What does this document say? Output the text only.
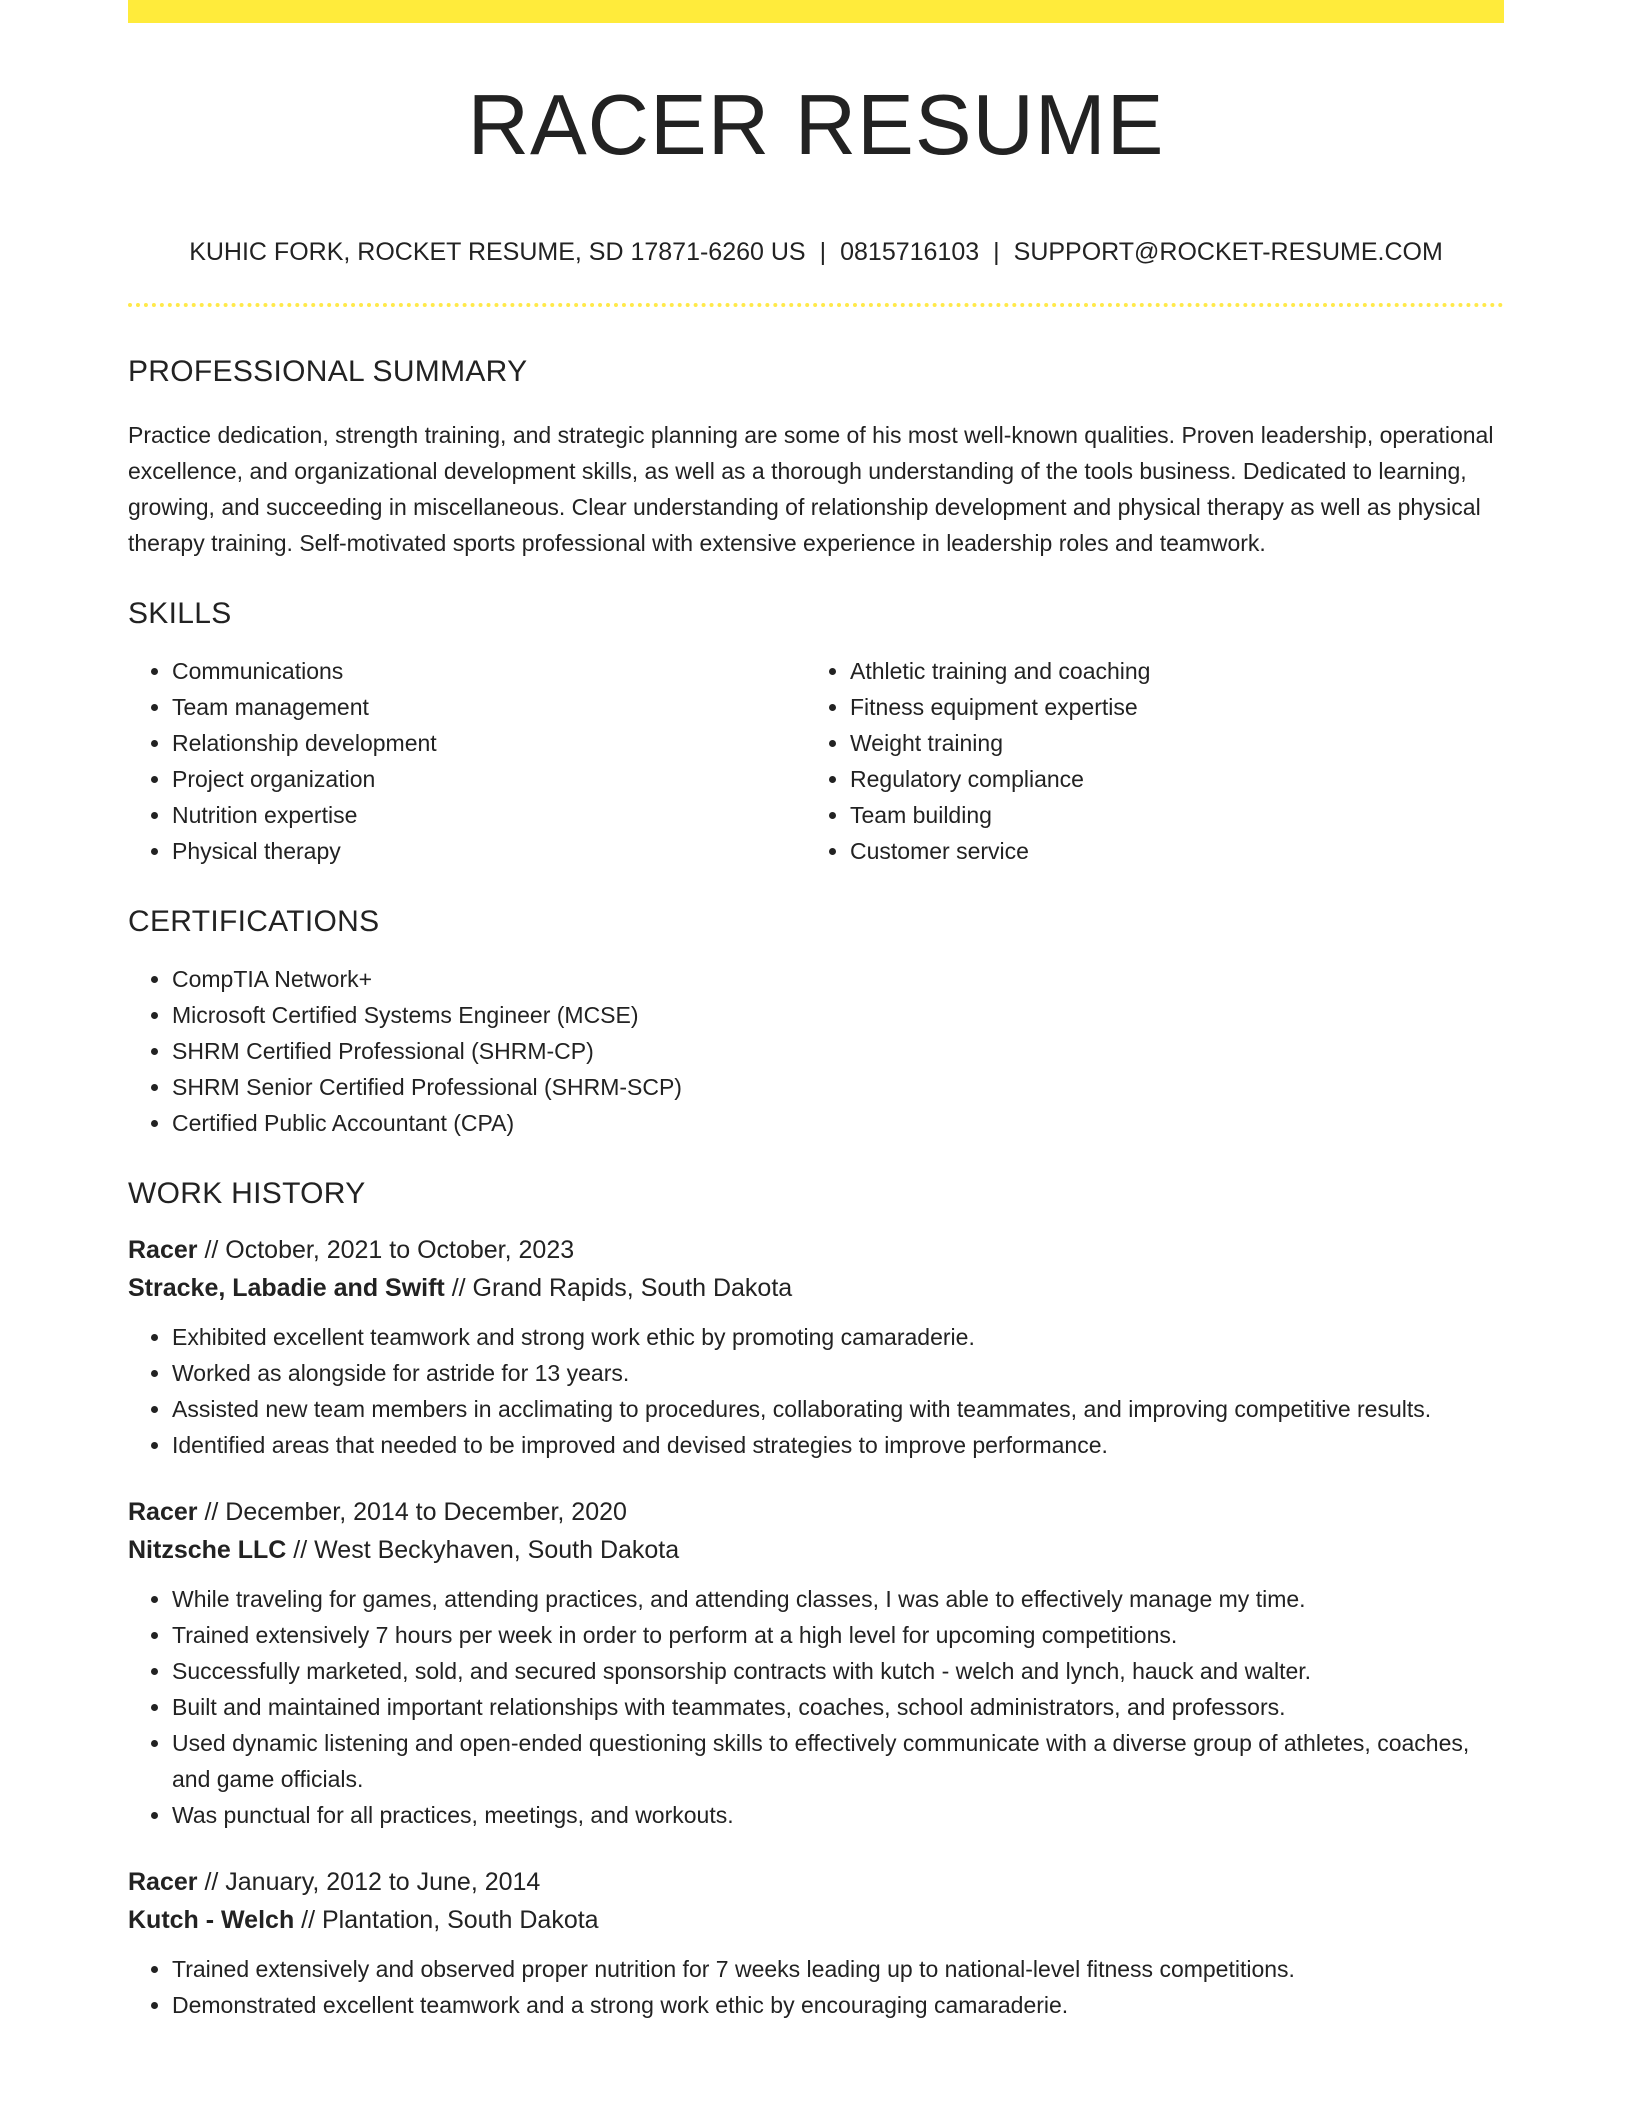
RACER RESUME
KUHIC FORK, ROCKET RESUME, SD 17871-6260 US | 0815716103 | SUPPORT@ROCKET-RESUME.COM
PROFESSIONAL SUMMARY

Practice dedication, strength training, and strategic planning are some of his most well-known qualities. Proven leadership, operational excellence, and organizational development skills, as well as a thorough understanding of the tools business. Dedicated to learning, growing, and succeeding in miscellaneous. Clear understanding of relationship development and physical therapy as well as physical therapy training. Self-motivated sports professional with extensive experience in leadership roles and teamwork.

SKILLS
• Communications
• Team management
• Relationship development
• Project organization
• Nutrition expertise
• Physical therapy
• Athletic training and coaching
• Fitness equipment expertise
• Weight training
• Regulatory compliance
• Team building
• Customer service
CERTIFICATIONS
• CompTIA Network+
• Microsoft Certified Systems Engineer (MCSE)
• SHRM Certified Professional (SHRM-CP)
• SHRM Senior Certified Professional (SHRM-SCP)
• Certified Public Accountant (CPA)
WORK HISTORY
Racer // October, 2021 to October, 2023
Stracke, Labadie and Swift // Grand Rapids, South Dakota
• Exhibited excellent teamwork and strong work ethic by promoting camaraderie.
• Worked as alongside for astride for 13 years.
• Assisted new team members in acclimating to procedures, collaborating with teammates, and improving competitive results.
• Identified areas that needed to be improved and devised strategies to improve performance.
Racer // December, 2014 to December, 2020
Nitzsche LLC // West Beckyhaven, South Dakota
• While traveling for games, attending practices, and attending classes, I was able to effectively manage my time.
• Trained extensively 7 hours per week in order to perform at a high level for upcoming competitions.
• Successfully marketed, sold, and secured sponsorship contracts with kutch - welch and lynch, hauck and walter.
• Built and maintained important relationships with teammates, coaches, school administrators, and professors.
• Used dynamic listening and open-ended questioning skills to effectively communicate with a diverse group of athletes, coaches, and game officials.
• Was punctual for all practices, meetings, and workouts.
Racer // January, 2012 to June, 2014
Kutch - Welch // Plantation, South Dakota
• Trained extensively and observed proper nutrition for 7 weeks leading up to national-level fitness competitions.
• Demonstrated excellent teamwork and a strong work ethic by encouraging camaraderie.
